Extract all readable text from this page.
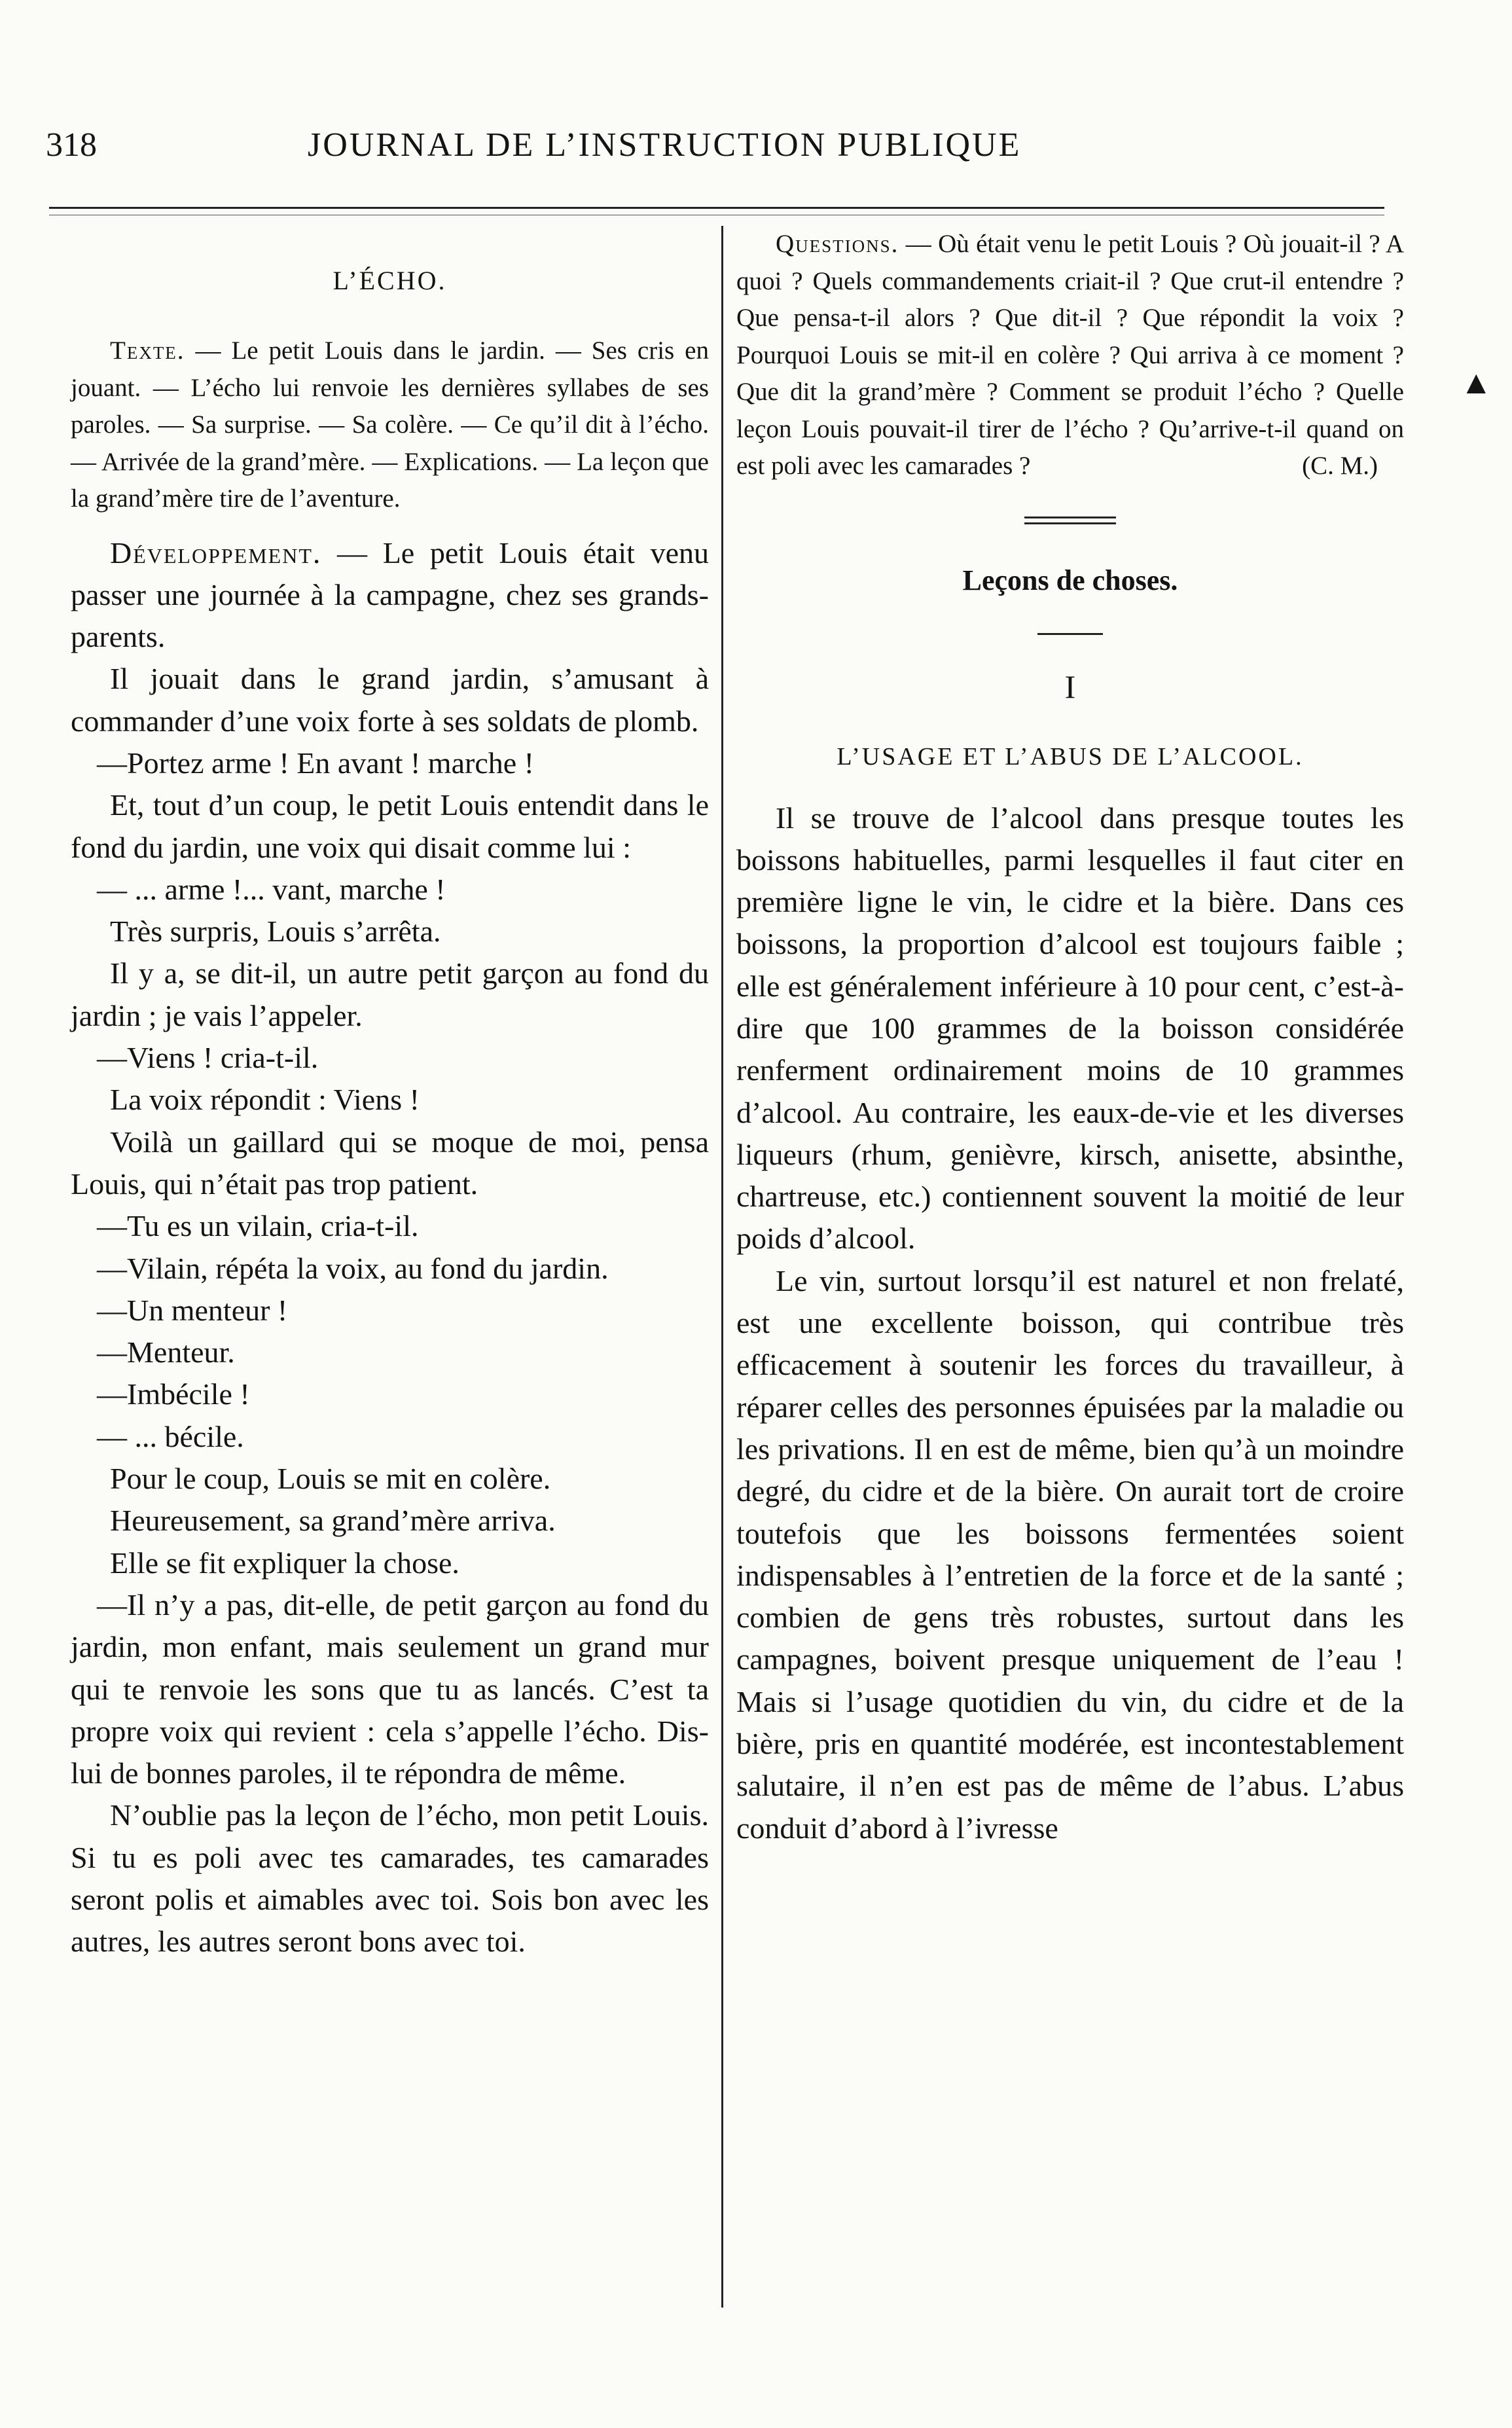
318	JOURNAL DE L’INSTRUCTION PUBLIQUE
▲
L’ÉCHO.

Texte. — Le petit Louis dans le jardin. — Ses cris en jouant. — L’écho lui renvoie les dernières syllabes de ses paroles. — Sa surprise. — Sa colère. — Ce qu’il dit à l’écho. — Arrivée de la grand’mère. — Explications. — La leçon que la grand’mère tire de l’aventure.

Développement. — Le petit Louis était venu passer une journée à la campagne, chez ses grands-parents.

Il jouait dans le grand jardin, s’amusant à commander d’une voix forte à ses soldats de plomb.

—Portez arme ! En avant ! marche !

Et, tout d’un coup, le petit Louis entendit dans le fond du jardin, une voix qui disait comme lui :

— ... arme !... vant, marche !

Très surpris, Louis s’arrêta.

Il y a, se dit-il, un autre petit garçon au fond du jardin ; je vais l’appeler.

—Viens ! cria-t-il.

La voix répondit : Viens !

Voilà un gaillard qui se moque de moi, pensa Louis, qui n’était pas trop patient.

—Tu es un vilain, cria-t-il.

—Vilain, répéta la voix, au fond du jardin.

—Un menteur !

—Menteur.

—Imbécile !

— ... bécile.

Pour le coup, Louis se mit en colère.

Heureusement, sa grand’mère arriva.

Elle se fit expliquer la chose.

—Il n’y a pas, dit-elle, de petit garçon au fond du jardin, mon enfant, mais seulement un grand mur qui te renvoie les sons que tu as lancés. C’est ta propre voix qui revient : cela s’appelle l’écho. Dis-lui de bonnes paroles, il te répondra de même.

N’oublie pas la leçon de l’écho, mon petit Louis. Si tu es poli avec tes camarades, tes camarades seront polis et aimables avec toi. Sois bon avec les autres, les autres seront bons avec toi.

Questions. — Où était venu le petit Louis ? Où jouait-il ? A quoi ? Quels commandements criait-il ? Que crut-il entendre ? Que pensa-t-il alors ? Que dit-il ? Que répondit la voix ? Pourquoi Louis se mit-il en colère ? Qui arriva à ce moment ? Que dit la grand’mère ? Comment se produit l’écho ? Quelle leçon Louis pouvait-il tirer de l’écho ? Qu’arrive-t-il quand on est poli avec les camarades ?	(C. M.)

Leçons de choses.
I
L’USAGE ET L’ABUS DE L’ALCOOL.

Il se trouve de l’alcool dans presque toutes les boissons habituelles, parmi lesquelles il faut citer en première ligne le vin, le cidre et la bière. Dans ces boissons, la proportion d’alcool est toujours faible ; elle est généralement inférieure à 10 pour cent, c’est-à-dire que 100 grammes de la boisson considérée renferment ordinairement moins de 10 grammes d’alcool. Au contraire, les eaux-de-vie et les diverses liqueurs (rhum, genièvre, kirsch, anisette, absinthe, chartreuse, etc.) contiennent souvent la moitié de leur poids d’alcool.

Le vin, surtout lorsqu’il est naturel et non frelaté, est une excellente boisson, qui contribue très efficacement à soutenir les forces du travailleur, à réparer celles des personnes épuisées par la maladie ou les privations. Il en est de même, bien qu’à un moindre degré, du cidre et de la bière. On aurait tort de croire toutefois que les boissons fermentées soient indispensables à l’entretien de la force et de la santé ; combien de gens très robustes, surtout dans les campagnes, boivent presque uniquement de l’eau ! Mais si l’usage quotidien du vin, du cidre et de la bière, pris en quantité modérée, est incontestablement salutaire, il n’en est pas de même de l’abus. L’abus conduit d’abord à l’ivresse
